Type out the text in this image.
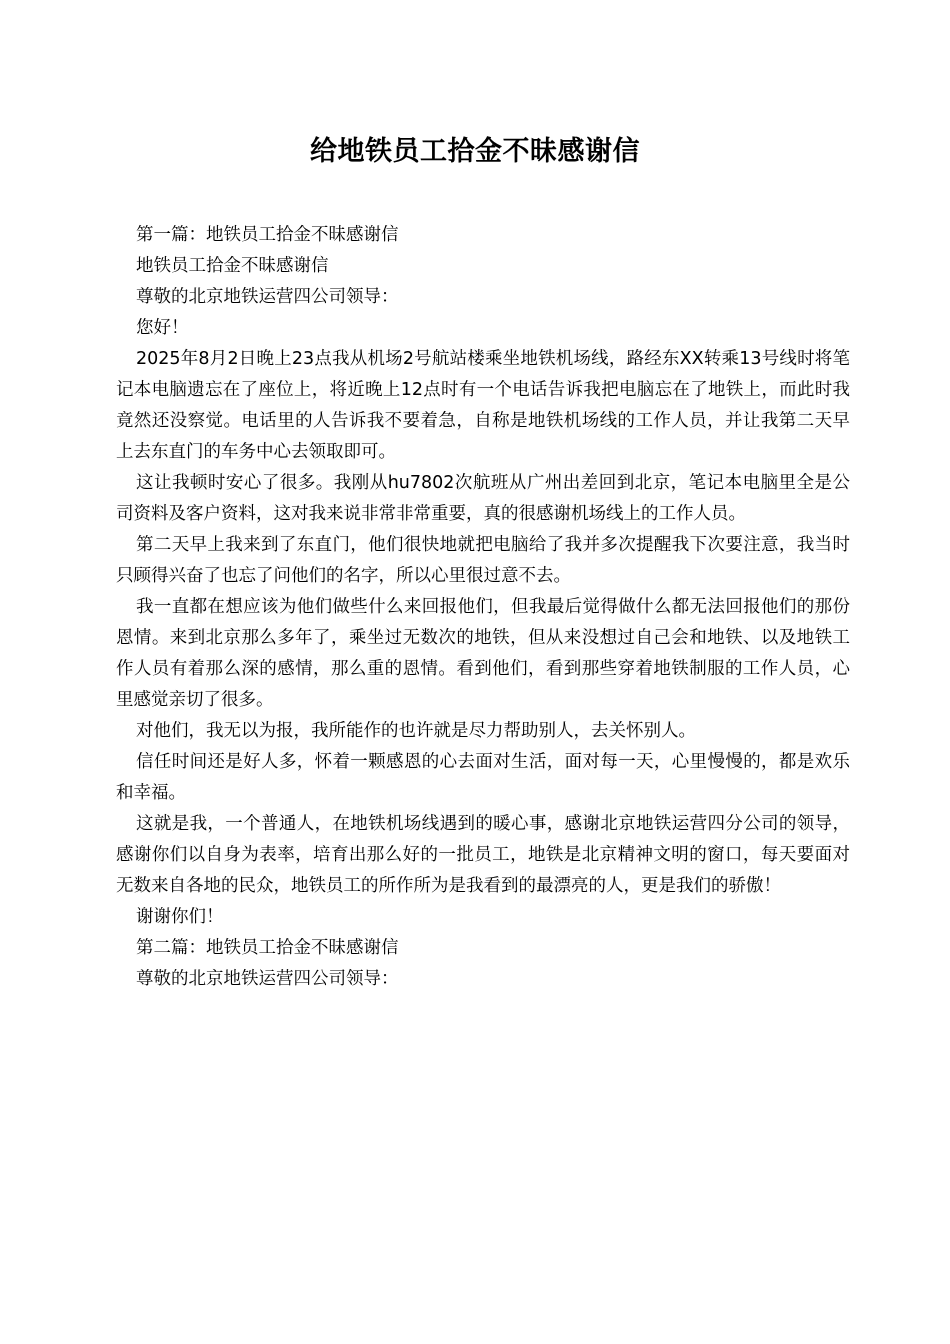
给地铁员工拾金不昧感谢信

第一篇：地铁员工拾金不昧感谢信

地铁员工拾金不昧感谢信

尊敬的北京地铁运营四公司领导：

您好！

2025年8月2日晚上23点我从机场2号航站楼乘坐地铁机场线，路经东XX转乘13号线时将笔记本电脑遗忘在了座位上，将近晚上12点时有一个电话告诉我把电脑忘在了地铁上，而此时我竟然还没察觉。电话里的人告诉我不要着急，自称是地铁机场线的工作人员，并让我第二天早上去东直门的车务中心去领取即可。

这让我顿时安心了很多。我刚从hu7802次航班从广州出差回到北京，笔记本电脑里全是公司资料及客户资料，这对我来说非常非常重要，真的很感谢机场线上的工作人员。

第二天早上我来到了东直门，他们很快地就把电脑给了我并多次提醒我下次要注意，我当时只顾得兴奋了也忘了问他们的名字，所以心里很过意不去。

我一直都在想应该为他们做些什么来回报他们，但我最后觉得做什么都无法回报他们的那份恩情。来到北京那么多年了，乘坐过无数次的地铁，但从来没想过自己会和地铁、以及地铁工作人员有着那么深的感情，那么重的恩情。看到他们，看到那些穿着地铁制服的工作人员，心里感觉亲切了很多。

对他们，我无以为报，我所能作的也许就是尽力帮助别人，去关怀别人。

信任时间还是好人多，怀着一颗感恩的心去面对生活，面对每一天，心里慢慢的，都是欢乐和幸福。

这就是我，一个普通人，在地铁机场线遇到的暖心事，感谢北京地铁运营四分公司的领导，感谢你们以自身为表率，培育出那么好的一批员工，地铁是北京精神文明的窗口，每天要面对无数来自各地的民众，地铁员工的所作所为是我看到的最漂亮的人，更是我们的骄傲！

谢谢你们！

第二篇：地铁员工拾金不昧感谢信

尊敬的北京地铁运营四公司领导：
